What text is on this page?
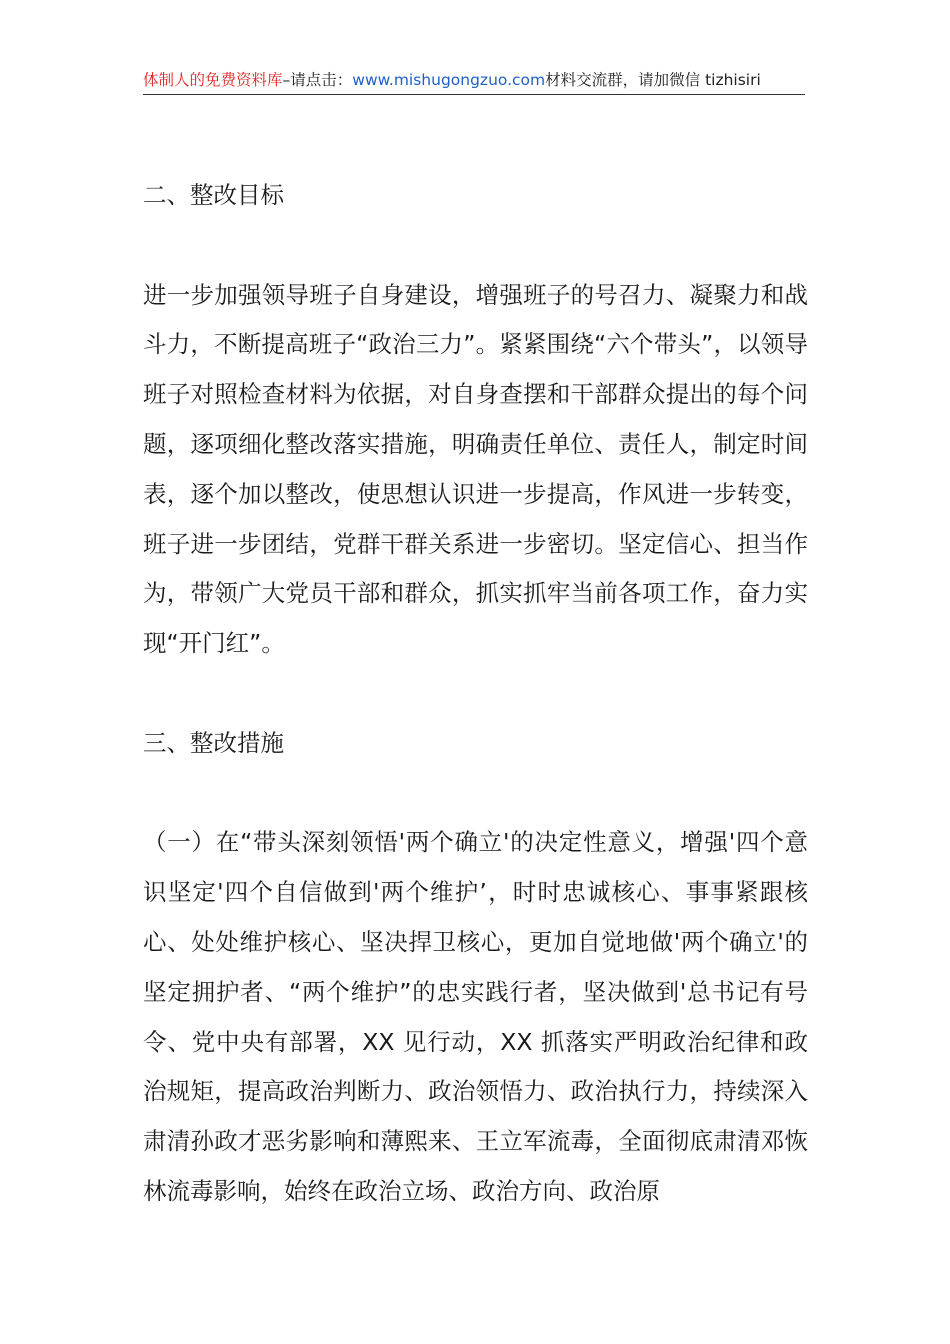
体制人的免费资料库–请点击：www.mishugongzuo.com材料交流群，请加微信 tizhisiri
二、整改目标

进一步加强领导班子自身建设，增强班子的号召力、凝聚力和战斗力，不断提高班子“政治三力”。紧紧围绕“六个带头”，以领导班子对照检查材料为依据，对自身查摆和干部群众提出的每个问题，逐项细化整改落实措施，明确责任单位、责任人，制定时间表，逐个加以整改，使思想认识进一步提高，作风进一步转变，班子进一步团结，党群干群关系进一步密切。坚定信心、担当作为，带领广大党员干部和群众，抓实抓牢当前各项工作，奋力实现“开门红”。

三、整改措施

（一）在“带头深刻领悟'两个确立'的决定性意义，增强'四个意识坚定'四个自信做到'两个维护’，时时忠诚核心、事事紧跟核心、处处维护核心、坚决捍卫核心，更加自觉地做'两个确立'的坚定拥护者、“两个维护”的忠实践行者，坚决做到'总书记有号令、党中央有部署，XX 见行动，XX 抓落实严明政治纪律和政治规矩，提高政治判断力、政治领悟力、政治执行力，持续深入肃清孙政才恶劣影响和薄熙来、王立军流毒，全面彻底肃清邓恢林流毒影响，始终在政治立场、政治方向、政治原
